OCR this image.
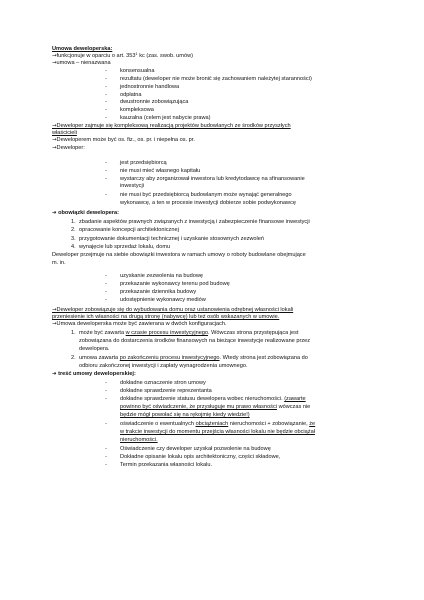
Umowa deweloperska:
→funkcjonuje w oparciu o art. $353^1$ kc (zas. swob. umów)
→umowa – nienazwana
- konsensualna
- rezultatu (deweloper nie może bronić się zachowaniem należytej staranności)
- jednostronnie handlowa
- odpłatna
- dwustronnie zobowiązująca
- kompleksowa
- kauzalna (celem jest nabycie prawa)
→Deweloper zajmuje się kompleksową realizacją projektów budowlanych ze środków przyszłych
właścicieli
→Deweloperem może być os. fiz., os. pr. i niepełna os. pr.
→Deweloper:
- jest przedsiębiorcą
- nie musi mieć własnego kapitału
- wystarczy aby zorganizował inwestora lub kredytodawcę na sfinansowanie
inwestycji
- nie musi być przedsiębiorcą budowlanym może wynająć generalnego
wykonawcę, a ten w procesie inwestycji dobierze sobie podwykonawcę
➔ obowiązki dewelopera:
1. zbadanie aspektów prawnych związanych z inwestycją i zabezpieczenie finansowe inwestycji
2. opracowanie koncepcji architektonicznej
3. przygotowanie dokumentacji technicznej i uzyskanie stosownych zezwoleń
4. wynajęcie lub sprzedaż lokalu, domu
Deweloper przejmuje na siebie obowiązki inwestora w ramach umowy o roboty budowlane obejmujące
m. in.
- uzyskanie zezwolenia na budowę
- przekazanie wykonawcy terenu pod budowę
- przekazanie dziennika budowy
- udostępnienie wykonawcy mediów
→Deweloper zobowiązuje się do wybudowania domu oraz ustanowienia odrębnej własności lokali
przeniesienie ich własności na drugą stronę (nabywcę) lub też osób wskazanych w umowie.
→Umowa deweloperska może być zawierana w dwóch konfiguracjach.
1. może być zawarta w czasie procesu inwestycyjnego. Wówczas strona przystępująca jest
zobowiązana do dostarczenia środków finansowych na bieżące inwestycje realizowane przez
dewelopera.
2. umowa zawarta po zakończeniu procesu inwestycyjnego. Wtedy strona jest zobowiązana do
odbioru zakończonej inwestycji i zapłaty wynagrodzenia umownego.
➔ treść umowy deweloperskiej:
- dokładne oznaczenie stron umowy
- dokładne sprawdzenie reprezentanta
- dokładne sprawdzenie statusu dewelopera wobec nieruchomości. (zawarte
powinno być oświadczenie, że przysługuje mu prawo własności wówczas nie
będzie mógł powołać się na rękojmię kiedy wiedzie!)
- oświadczenie o ewentualnych obciążeniach nieruchomości + zobowiązanie, że
w trakcie inwestycji do momentu przejścia własności lokalu nie będzie obciążał
nieruchomości.
- Oświadczenie czy deweloper uzyskał pozwolenie na budowę
- Dokładne opisanie lokalu opis architektoniczny, części składowe,
- Termin przekazania własności lokalu.
